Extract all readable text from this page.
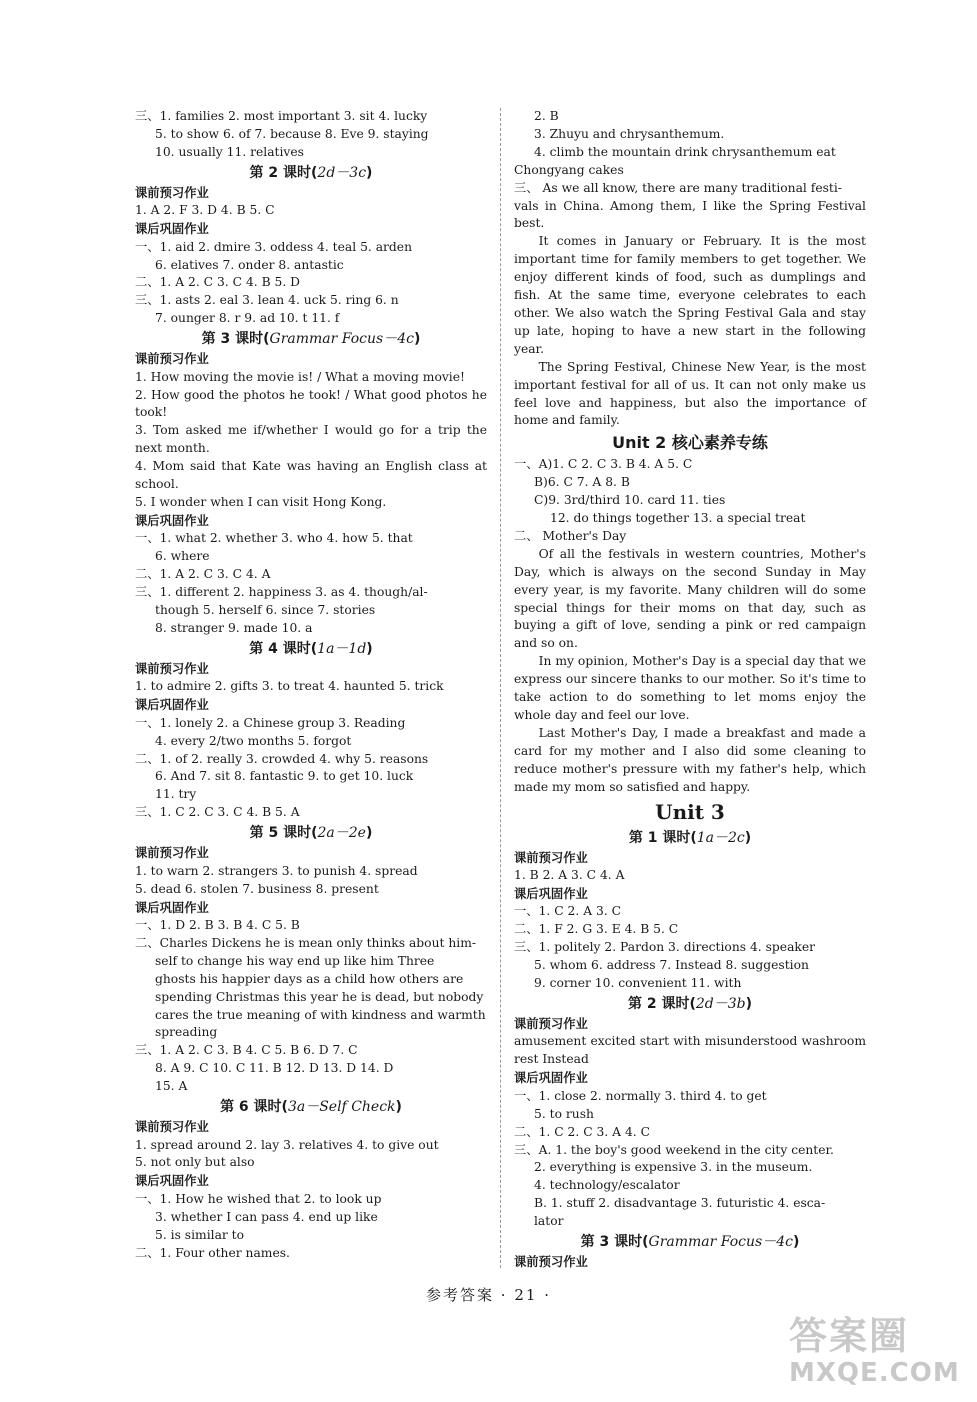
三、1. families 2. most important 3. sit 4. lucky
5. to show 6. of 7. because 8. Eve 9. staying
10. usually 11. relatives
第 2 课时(2d－3c)
课前预习作业
1. A 2. F 3. D 4. B 5. C
课后巩固作业
一、1. aid 2. dmire 3. oddess 4. teal 5. arden
6. elatives 7. onder 8. antastic
二、1. A 2. C 3. C 4. B 5. D
三、1. asts 2. eal 3. lean 4. uck 5. ring 6. n
7. ounger 8. r 9. ad 10. t 11. f
第 3 课时(Grammar Focus－4c)
课前预习作业
1. How moving the movie is! / What a moving movie!
2. How good the photos he took! / What good photos he took!
3. Tom asked me if/whether I would go for a trip the next month.
4. Mom said that Kate was having an English class at school.
5. I wonder when I can visit Hong Kong.
课后巩固作业
一、1. what 2. whether 3. who 4. how 5. that
6. where
二、1. A 2. C 3. C 4. A
三、1. different 2. happiness 3. as 4. though/al-
though 5. herself 6. since 7. stories
8. stranger 9. made 10. a
第 4 课时(1a－1d)
课前预习作业
1. to admire 2. gifts 3. to treat 4. haunted 5. trick
课后巩固作业
一、1. lonely 2. a Chinese group 3. Reading
4. every 2/two months 5. forgot
二、1. of 2. really 3. crowded 4. why 5. reasons
6. And 7. sit 8. fantastic 9. to get 10. luck
11. try
三、1. C 2. C 3. C 4. B 5. A
第 5 课时(2a－2e)
课前预习作业
1. to warn 2. strangers 3. to punish 4. spread
5. dead 6. stolen 7. business 8. present
课后巩固作业
一、1. D 2. B 3. B 4. C 5. B
二、Charles Dickens he is mean only thinks about him-
self to change his way end up like him Three
ghosts his happier days as a child how others are
spending Christmas this year he is dead, but nobody
cares the true meaning of with kindness and warmth
spreading
三、1. A 2. C 3. B 4. C 5. B 6. D 7. C
8. A 9. C 10. C 11. B 12. D 13. D 14. D
15. A
第 6 课时(3a－Self Check)
课前预习作业
1. spread around 2. lay 3. relatives 4. to give out
5. not only but also
课后巩固作业
一、1. How he wished that 2. to look up
3. whether I can pass 4. end up like
5. is similar to
二、1. Four other names.
2. B
3. Zhuyu and chrysanthemum.
4. climb the mountain drink chrysanthemum eat
Chongyang cakes
三、 As we all know, there are many traditional festi-
vals in China. Among them, I like the Spring Festival best.
It comes in January or February. It is the most important time for family members to get together. We enjoy different kinds of food, such as dumplings and fish. At the same time, everyone celebrates to each other. We also watch the Spring Festival Gala and stay up late, hoping to have a new start in the following year.
The Spring Festival, Chinese New Year, is the most important festival for all of us. It can not only make us feel love and happiness, but also the importance of home and family.
Unit 2 核心素养专练
一、A)1. C 2. C 3. B 4. A 5. C
B)6. C 7. A 8. B
C)9. 3rd/third 10. card 11. ties
12. do things together 13. a special treat
二、 Mother's Day
Of all the festivals in western countries, Mother's Day, which is always on the second Sunday in May every year, is my favorite. Many children will do some special things for their moms on that day, such as buying a gift of love, sending a pink or red campaign and so on.
In my opinion, Mother's Day is a special day that we express our sincere thanks to our mother. So it's time to take action to do something to let moms enjoy the whole day and feel our love.
Last Mother's Day, I made a breakfast and made a card for my mother and I also did some cleaning to reduce mother's pressure with my father's help, which made my mom so satisfied and happy.
Unit 3
第 1 课时(1a－2c)
课前预习作业
1. B 2. A 3. C 4. A
课后巩固作业
一、1. C 2. A 3. C
二、1. F 2. G 3. E 4. B 5. C
三、1. politely 2. Pardon 3. directions 4. speaker
5. whom 6. address 7. Instead 8. suggestion
9. corner 10. convenient 11. with
第 2 课时(2d－3b)
课前预习作业
amusement excited start with misunderstood washroom rest Instead
课后巩固作业
一、1. close 2. normally 3. third 4. to get
5. to rush
二、1. C 2. C 3. A 4. C
三、A. 1. the boy's good weekend in the city center.
2. everything is expensive 3. in the museum.
4. technology/escalator
B. 1. stuff 2. disadvantage 3. futuristic 4. esca-
lator
第 3 课时(Grammar Focus－4c)
课前预习作业
参考答案 · 21 ·
答案圈
MXQE.COM
